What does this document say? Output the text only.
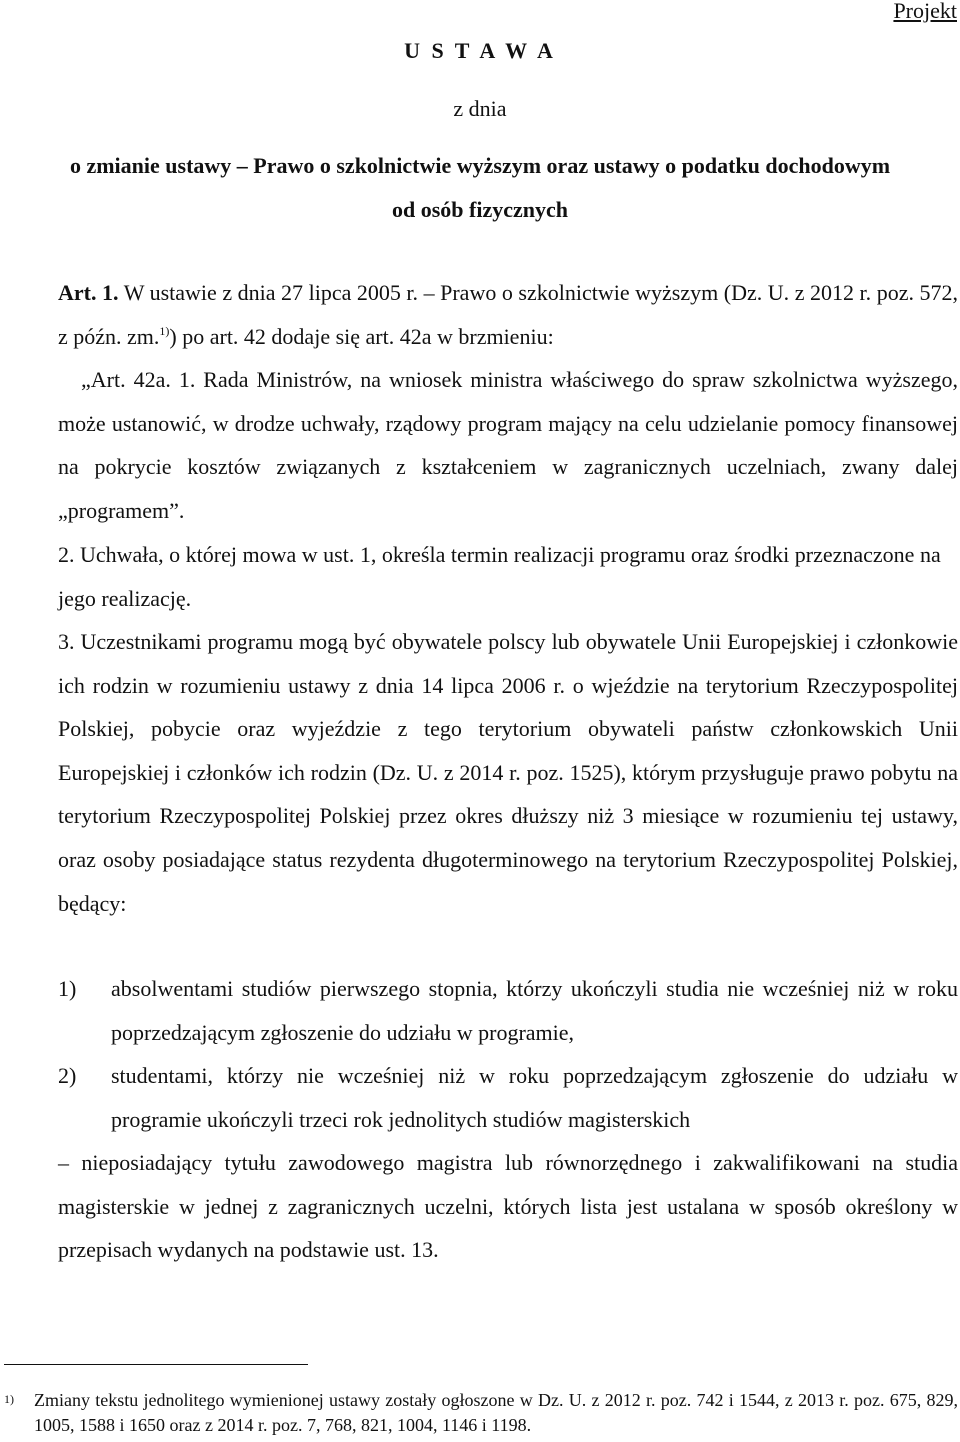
Projekt
U S T A W A
z dnia
o zmianie ustawy – Prawo o szkolnictwie wyższym oraz ustawy o podatku dochodowym
od osób fizycznych
Art. 1. W ustawie z dnia 27 lipca 2005 r. – Prawo o szkolnictwie wyższym (Dz. U. z 2012 r. poz. 572, z późn. zm.$^{1)}$) po art. 42 dodaje się art. 42a w brzmieniu:
„Art. 42a. 1. Rada Ministrów, na wniosek ministra właściwego do spraw szkolnictwa wyższego, może ustanowić, w drodze uchwały, rządowy program mający na celu udzielanie pomocy finansowej na pokrycie kosztów związanych z kształceniem w zagranicznych uczelniach, zwany dalej „programem”.
2. Uchwała, o której mowa w ust. 1, określa termin realizacji programu oraz środki przeznaczone na jego realizację.
3. Uczestnikami programu mogą być obywatele polscy lub obywatele Unii Europejskiej i członkowie ich rodzin w rozumieniu ustawy z dnia 14 lipca 2006 r. o wjeździe na terytorium Rzeczypospolitej Polskiej, pobycie oraz wyjeździe z tego terytorium obywateli państw członkowskich Unii Europejskiej i członków ich rodzin (Dz. U. z 2014 r. poz. 1525), którym przysługuje prawo pobytu na terytorium Rzeczypospolitej Polskiej przez okres dłuższy niż 3 miesiące w rozumieniu tej ustawy, oraz osoby posiadające status rezydenta długoterminowego na terytorium Rzeczypospolitej Polskiej, będący:
1) absolwentami studiów pierwszego stopnia, którzy ukończyli studia nie wcześniej niż w roku poprzedzającym zgłoszenie do udziału w programie,
2) studentami, którzy nie wcześniej niż w roku poprzedzającym zgłoszenie do udziału w programie ukończyli trzeci rok jednolitych studiów magisterskich
– nieposiadający tytułu zawodowego magistra lub równorzędnego i zakwalifikowani na studia magisterskie w jednej z zagranicznych uczelni, których lista jest ustalana w sposób określony w przepisach wydanych na podstawie ust. 13.
1) Zmiany tekstu jednolitego wymienionej ustawy zostały ogłoszone w Dz. U. z 2012 r. poz. 742 i 1544, z 2013 r. poz. 675, 829, 1005, 1588 i 1650 oraz z 2014 r. poz. 7, 768, 821, 1004, 1146 i 1198.
